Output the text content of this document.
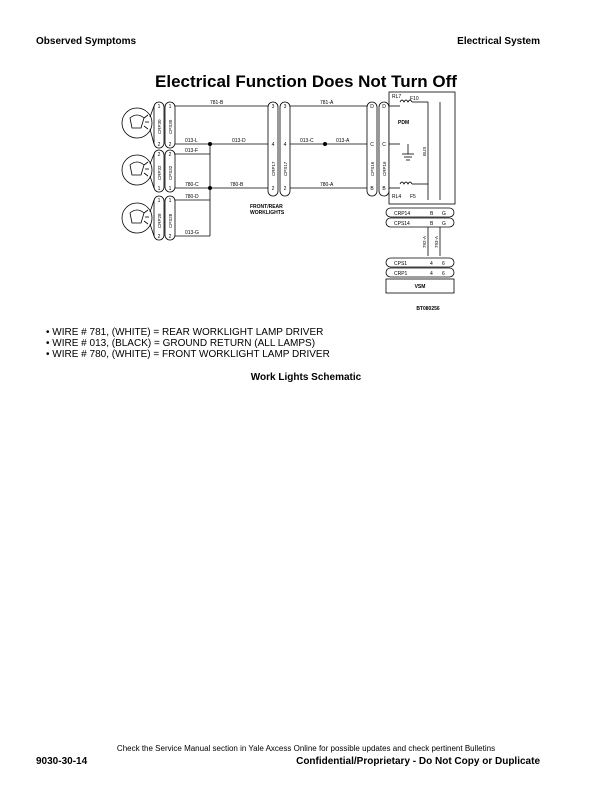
Observed Symptoms	Electrical System
Electrical Function Does Not Turn Off
1 1
2 2
2 2
1 1
1 1
2 2
3 3
4 4
2 2
D D
C C
B B
781-B	781-A
013-L	013-D	013-C	013-A
013-F
780-C	780-B	780-A
780-D
013-G
FRONT/REAR
WORKLIGHTS
RL7 F10
PDM
RL4 F5
CRP14
CPS14
CPS1
CRP1
B G
B G
4 6
4 6
VSM
BT080256
CRP30 CPS30
CRP32 CPS32
CRP28 CPS28
CRP17 CPS17	CPS16 CRP16
792-A 793-A
BUS
• WIRE # 781, (WHITE) = REAR WORKLIGHT LAMP DRIVER
• WIRE # 013, (BLACK) = GROUND RETURN (ALL LAMPS)
• WIRE # 780, (WHITE) = FRONT WORKLIGHT LAMP DRIVER
Work Lights Schematic
Check the Service Manual section in Yale Axcess Online for possible updates and check pertinent Bulletins
9030-30-14	Confidential/Proprietary - Do Not Copy or Duplicate
